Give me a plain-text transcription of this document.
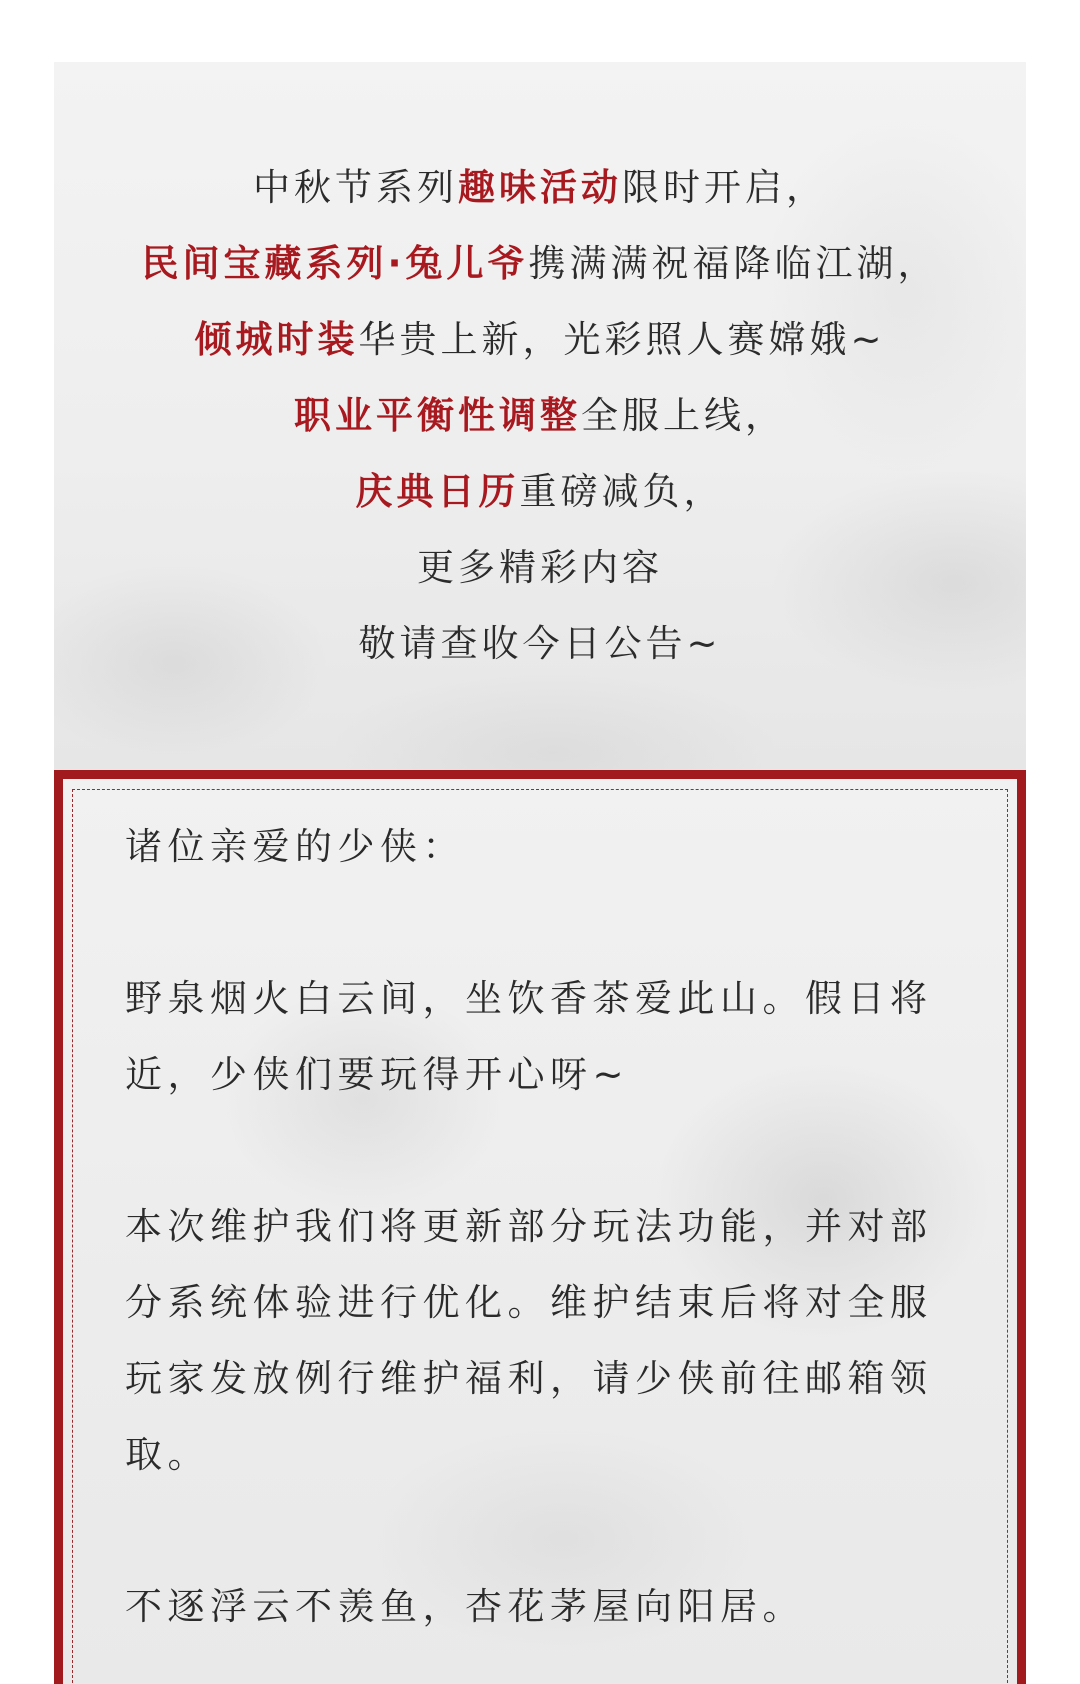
中秋节系列趣味活动限时开启，
民间宝藏系列·兔儿爷携满满祝福降临江湖，
倾城时装华贵上新，光彩照人赛嫦娥~
职业平衡性调整全服上线，
庆典日历重磅减负，
更多精彩内容
敬请查收今日公告~

诸位亲爱的少侠：

野泉烟火白云间，坐饮香茶爱此山。假日将近，少侠们要玩得开心呀~

本次维护我们将更新部分玩法功能，并对部分系统体验进行优化。维护结束后将对全服玩家发放例行维护福利，请少侠前往邮箱领取。

不逐浮云不羡鱼，杏花茅屋向阳居。
